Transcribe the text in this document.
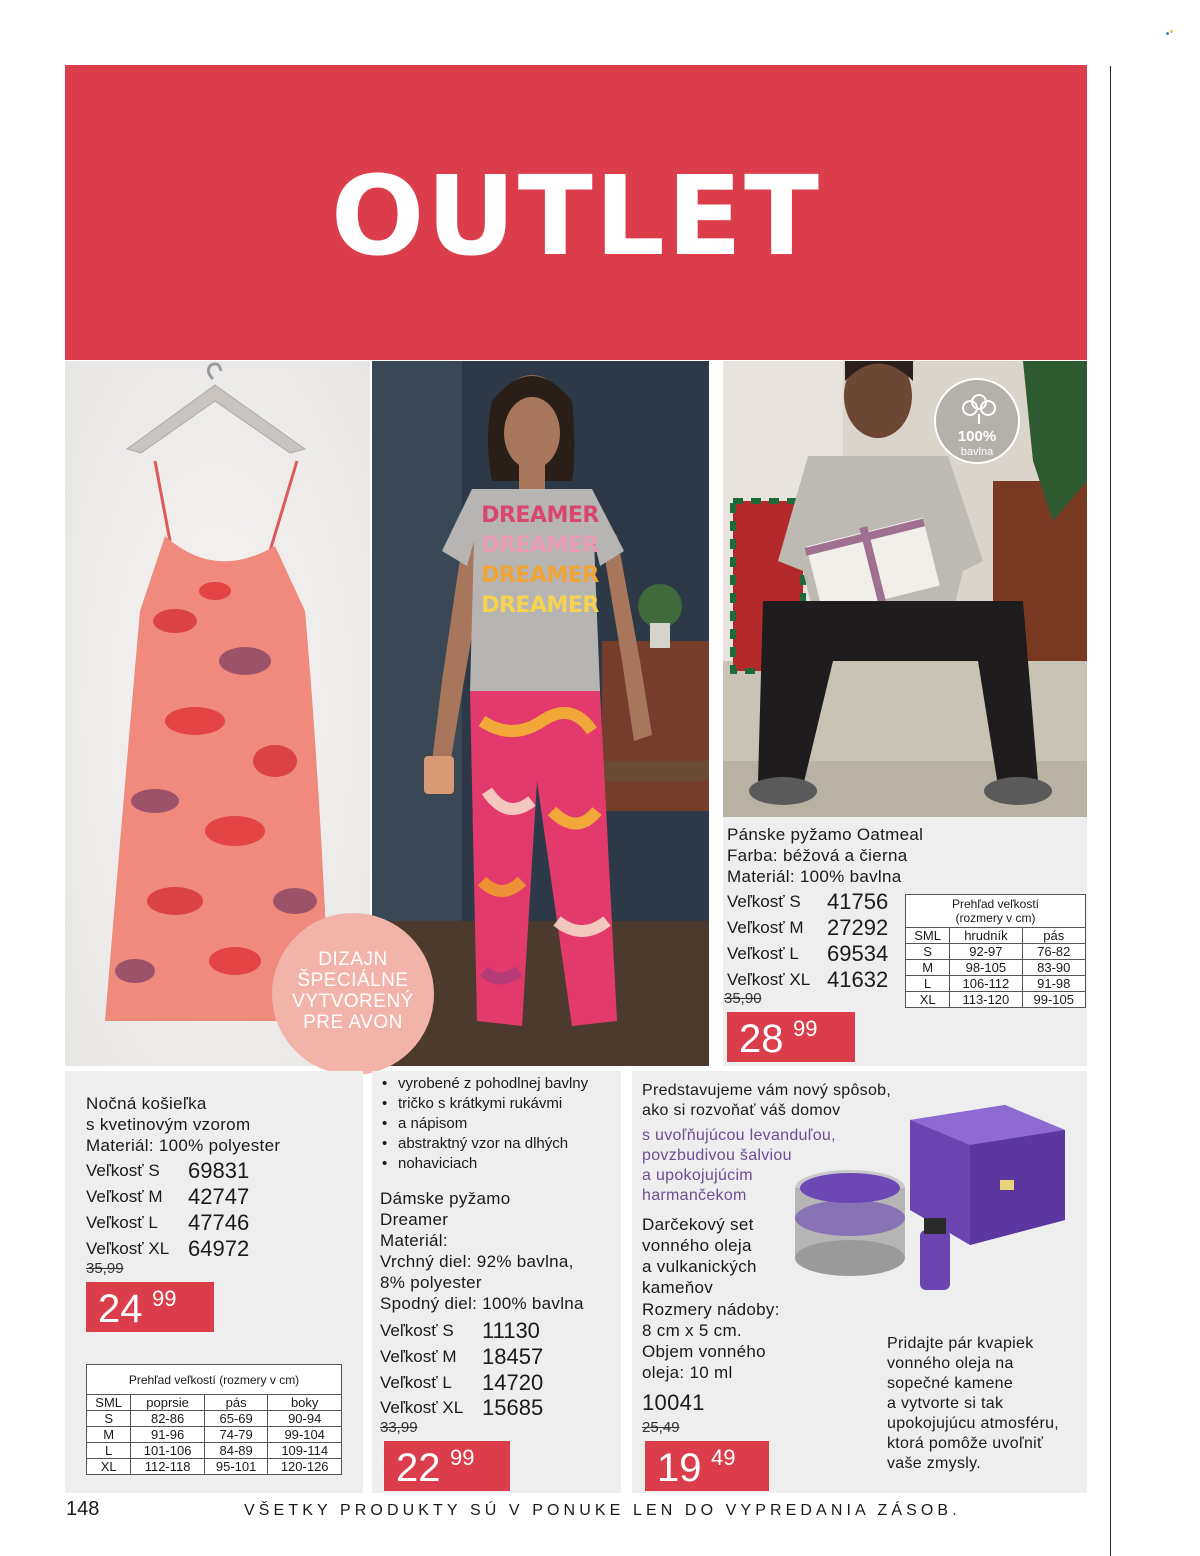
OUTLET
DREAMER
DREAMER
DREAMER
DREAMER
100%
bavlna
DIZAJN
ŠPECIÁLNE
VYTVORENÝ
PRE AVON
Pánske pyžamo Oatmeal
Farba: béžová a čierna
Materiál: 100% bavlna
Veľkosť S 41756
Veľkosť M 27292
Veľkosť L 69534
Veľkosť XL 41632
35,90
28 99
Prehľad veľkostí
(rozmery v cm)		
SML	hrudník	pás
S	92-97	76-82
M	98-105	83-90
L	106-112	91-98
XL	113-120	99-105
Nočná košieľka
s kvetinovým vzorom
Materiál: 100% polyester
Veľkosť S 69831
Veľkosť M 42747
Veľkosť L 47746
Veľkosť XL 64972
35,99
24 99
Prehľad veľkostí (rozmery v cm)			
SML	poprsie	pás	boky
S	82-86	65-69	90-94
M	91-96	74-79	99-104
L	101-106	84-89	109-114
XL	112-118	95-101	120-126
• vyrobené z pohodlnej bavlny
• tričko s krátkymi rukávmi
• a nápisom
• abstraktný vzor na dlhých
• nohaviciach
Dámske pyžamo
Dreamer
Materiál:
Vrchný diel: 92% bavlna,
8% polyester
Spodný diel: 100% bavlna
Veľkosť S 11130
Veľkosť M 18457
Veľkosť L 14720
Veľkosť XL 15685
33,99
22 99
Predstavujeme vám nový spôsob,
ako si rozvoňať váš domov
s uvoľňujúcou levanduľou,
povzbudivou šalviou
a upokojujúcim
harmančekom
Darčekový set
vonného oleja
a vulkanických
kameňov
Rozmery nádoby:
8 cm x 5 cm.
Objem vonného
oleja: 10 ml
10041
25,49
19 49
Pridajte pár kvapiek
vonného oleja na
sopečné kamene
a vytvorte si tak
upokojujúcu atmosféru,
ktorá pomôže uvoľniť
vaše zmysly.
148	VŠETKY PRODUKTY SÚ V PONUKE LEN DO VYPREDANIA ZÁSOB.
